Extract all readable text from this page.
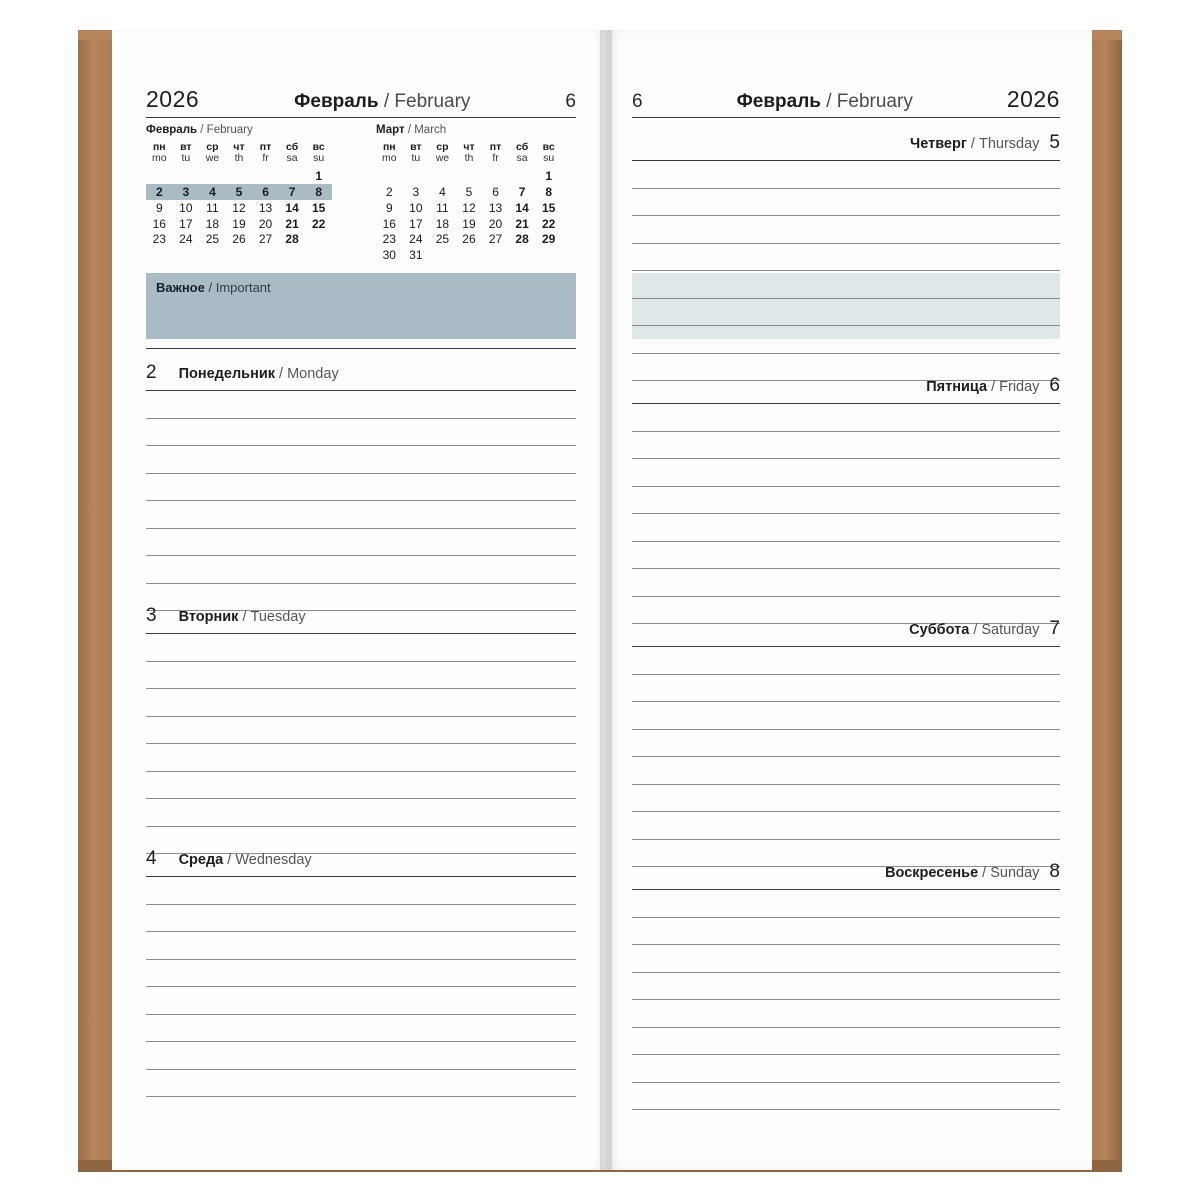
2026	Февраль / February	6	6	Февраль / February	2026
Февраль / February
пн	вт	ср	чт	пт	сб	вс
mo	tu	we	th	fr	sa	su
						1
2	3	4	5	6	7	8
9	10	11	12	13	14	15
16	17	18	19	20	21	22
23	24	25	26	27	28	
Март / March
пн	вт	ср	чт	пт	сб	вс
mo	tu	we	th	fr	sa	su
						1
2	3	4	5	6	7	8
9	10	11	12	13	14	15
16	17	18	19	20	21	22
23	24	25	26	27	28	29
30	31					
Важное / Important
2 Понедельник / Monday
3 Вторник / Tuesday
4 Среда / Wednesday
Четверг / Thursday 5
Пятница / Friday 6
Суббота / Saturday 7
Воскресенье / Sunday 8
